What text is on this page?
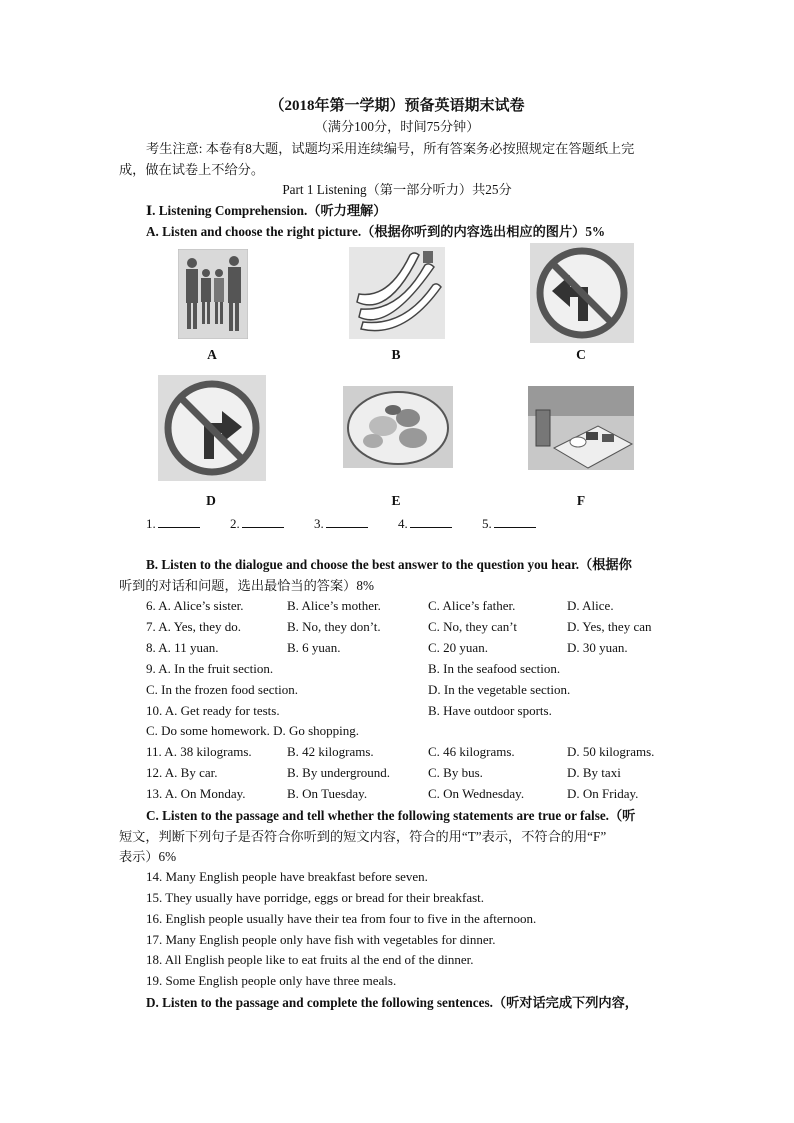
（2018年第一学期）预备英语期末试卷
（满分100分，时间75分钟）
考生注意: 本卷有8大题，试题均采用连续编号，所有答案务必按照规定在答题纸上完
成，做在试卷上不给分。
Part 1 Listening（第一部分听力）共25分
Ⅰ. Listening Comprehension.（听力理解）
A. Listen and choose the right picture.（根据你听到的内容选出相应的图片）5%
A	B	C
D	E	F
1.	2.	3.	4.	5.
B. Listen to the dialogue and choose the best answer to the question you hear.（根据你
听到的对话和问题，选出最恰当的答案）8%
6. A. Alice’s sister.	B. Alice’s mother.	C. Alice’s father.	D. Alice.
7. A. Yes, they do.	B. No, they don’t.	C. No, they can’t	D. Yes, they can
8. A. 11 yuan.	B. 6 yuan.	C. 20 yuan.	D. 30 yuan.
9. A. In the fruit section.	B. In the seafood section.
C. In the frozen food section.	D. In the vegetable section.
10. A. Get ready for tests.	B. Have outdoor sports.
C. Do some homework. D. Go shopping.
11. A. 38 kilograms.	B. 42 kilograms.	C. 46 kilograms.	D. 50 kilograms.
12. A. By car.	B. By underground.	C. By bus.	D. By taxi
13. A. On Monday.	B. On Tuesday.	C. On Wednesday.	D. On Friday.
C. Listen to the passage and tell whether the following statements are true or false.（听
短文，判断下列句子是否符合你听到的短文内容，符合的用“T”表示，不符合的用“F”
表示）6%
14. Many English people have breakfast before seven.
15. They usually have porridge, eggs or bread for their breakfast.
16. English people usually have their tea from four to five in the afternoon.
17. Many English people only have fish with vegetables for dinner.
18. All English people like to eat fruits al the end of the dinner.
19. Some English people only have three meals.
D. Listen to the passage and complete the following sentences.（听对话完成下列内容，
